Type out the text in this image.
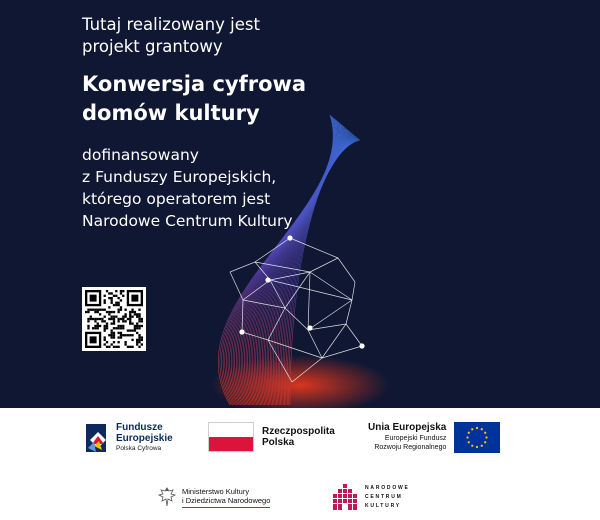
Tutaj realizowany jest
projekt grantowy
Konwersja cyfrowa
domów kultury
dofinansowany
z Funduszy Europejskich,
którego operatorem jest
Narodowe Centrum Kultury
Fundusze
Europejskie
Polska Cyfrowa
Rzeczpospolita
Polska
Unia Europejska
Europejski Fundusz
Rozwoju Regionalnego
Ministerstwo Kultury
i Dziedzictwa Narodowego
NARODOWE
CENTRUM
KULTURY
